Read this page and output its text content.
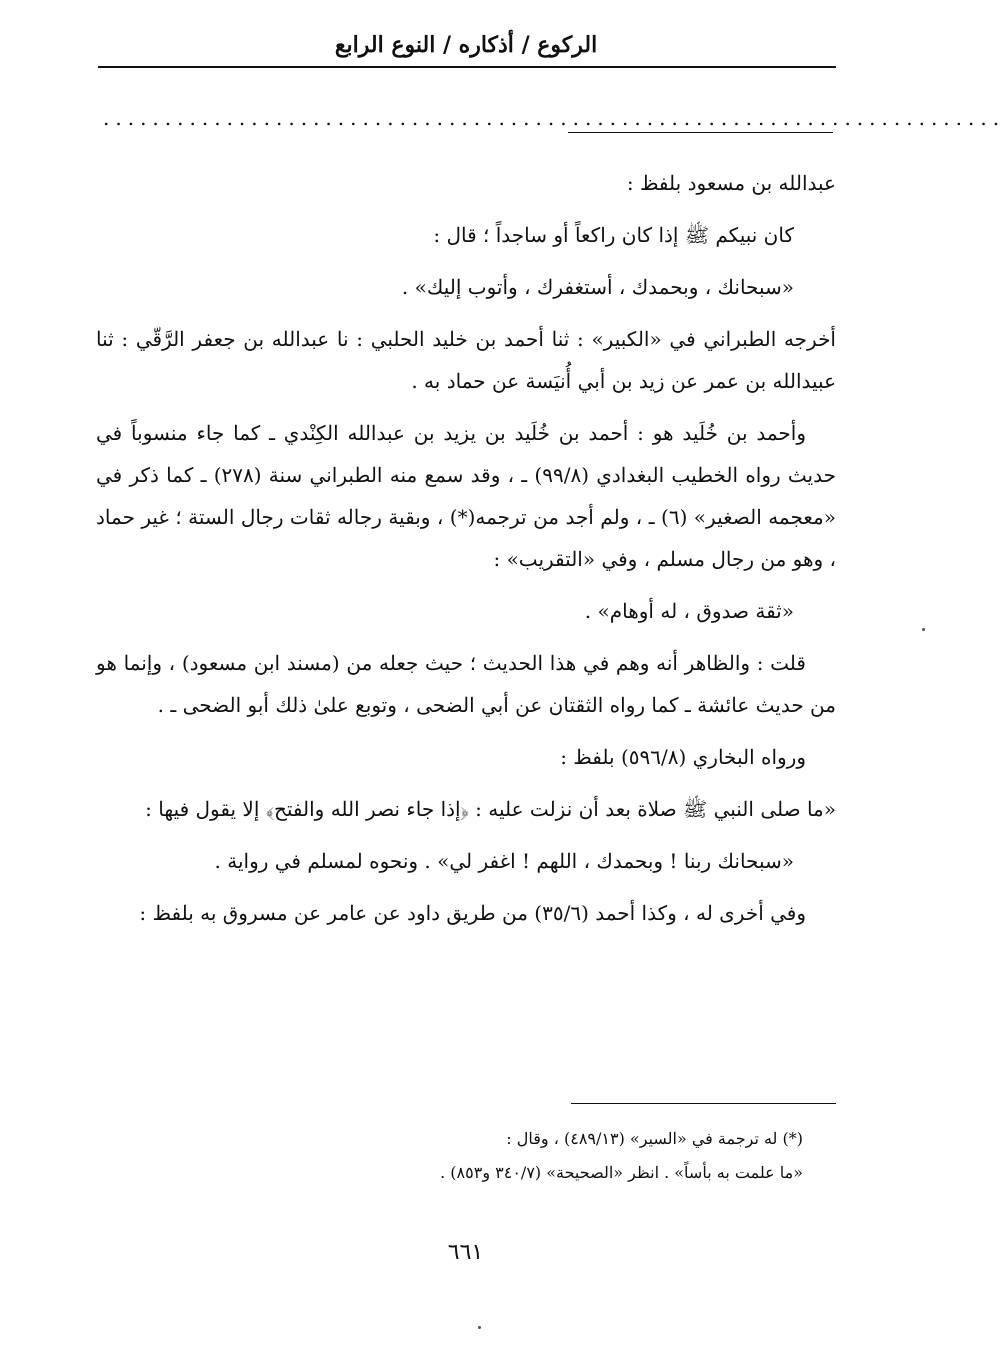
الركوع / أذكاره / النوع الرابع
.........................................................................

عبدالله بن مسعود بلفظ :

كان نبيكم ﷺ إذا كان راكعاً أو ساجداً ؛ قال :

«سبحانك ، وبحمدك ، أستغفرك ، وأتوب إليك» .

أخرجه الطبراني في «الكبير» : ثنا أحمد بن خليد الحلبي : نا عبدالله بن جعفر الرَّقّي : ثنا عبيدالله بن عمر عن زيد بن أبي أُنيَسة عن حماد به .

وأحمد بن خُلَيد هو : أحمد بن خُلَيد بن يزيد بن عبدالله الكِنْدي ـ كما جاء منسوباً في حديث رواه الخطيب البغدادي (٩٩/٨) ـ ، وقد سمع منه الطبراني سنة (٢٧٨) ـ كما ذكر في «معجمه الصغير» (٦) ـ ، ولم أجد من ترجمه(*) ، وبقية رجاله ثقات رجال الستة ؛ غير حماد ، وهو من رجال مسلم ، وفي «التقريب» :

«ثقة صدوق ، له أوهام» .

قلت : والظاهر أنه وهم في هذا الحديث ؛ حيث جعله من (مسند ابن مسعود) ، وإنما هو من حديث عائشة ـ كما رواه الثقتان عن أبي الضحى ، وتوبع علىٰ ذلك أبو الضحى ـ .

ورواه البخاري (٥٩٦/٨) بلفظ :

«ما صلى النبي ﷺ صلاة بعد أن نزلت عليه : ﴿إذا جاء نصر الله والفتح﴾ إلا يقول فيها :

«سبحانك ربنا ! وبحمدك ، اللهم ! اغفر لي» . ونحوه لمسلم في رواية .

وفي أخرى له ، وكذا أحمد (٣٥/٦) من طريق داود عن عامر عن مسروق به بلفظ :

(*) له ترجمة في «السير» (٤٨٩/١٣) ، وقال :

«ما علمت به بأساً» . انظر «الصحيحة» (٣٤٠/٧ و٨٥٣) .

٦٦١
